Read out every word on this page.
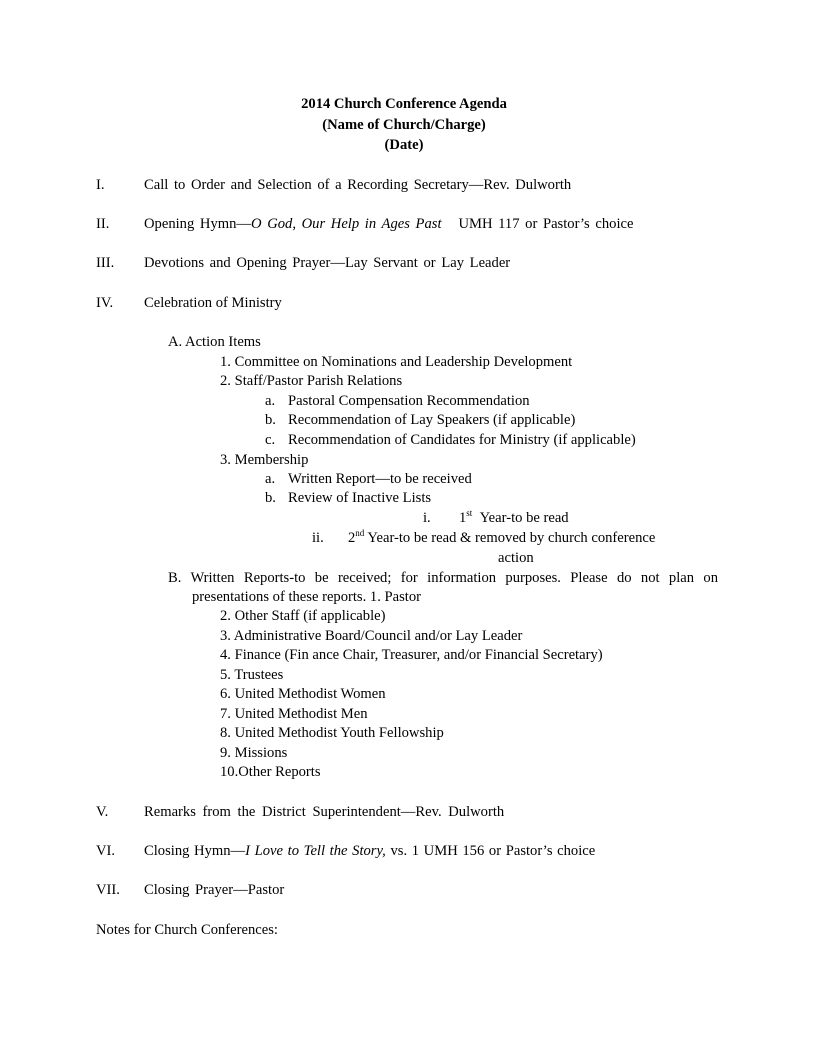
2014 Church Conference Agenda
(Name of Church/Charge)
(Date)
I.	Call to Order and Selection of a Recording Secretary—Rev. Dulworth
II. Opening Hymn—O God, Our Help in Ages Past UMH 117 or Pastor’s choice
III. Devotions and Opening Prayer—Lay Servant or Lay Leader
IV. Celebration of Ministry
A. Action Items
1. Committee on Nominations and Leadership Development
2. Staff/Pastor Parish Relations
a. Pastoral Compensation Recommendation
b. Recommendation of Lay Speakers (if applicable)
c. Recommendation of Candidates for Ministry (if applicable)
3. Membership
a. Written Report—to be received
b. Review of Inactive Lists
i. 1st Year-to be read
ii. 2nd Year-to be read & removed by church conference
action
B. Written Reports-to be received; for information purposes. Please do not plan on
presentations of these reports. 1. Pastor
2. Other Staff (if applicable)
3. Administrative Board/Council and/or Lay Leader
4. Finance (Fin ance Chair, Treasurer, and/or Financial Secretary)
5. Trustees
6. United Methodist Women
7. United Methodist Men
8. United Methodist Youth Fellowship
9. Missions
10.Other Reports
V. Remarks from the District Superintendent—Rev. Dulworth
VI. Closing Hymn—I Love to Tell the Story, vs. 1 UMH 156 or Pastor’s choice
VII. Closing Prayer—Pastor
Notes for Church Conferences:
